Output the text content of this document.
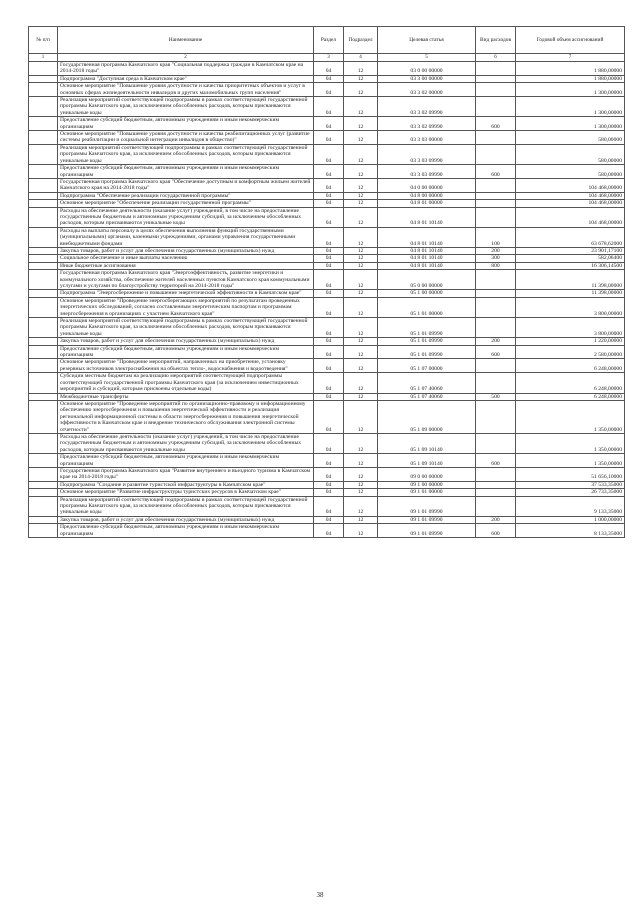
№ п/п	Наименование	Раздел	Подраздел	Целевая статья	Вид расходов	Годовой объем ассигнований
1	2	3	4	5	6	7
	Государственная программа Камчатского края "Социальная поддержка граждан в Камчатском крае на 2014-2018 годы"	04	12	03 0 00 00000		1 880,00000
	Подпрограмма "Доступная среда в Камчатском крае"	04	12	03 3 00 00000		1 880,00000
	Основное мероприятие "Повышение уровня доступности и качества приоритетных объектов и услуг в основных сферах жизнедеятельности инвалидов и других маломобильных групп населения"	04	12	03 3 02 00000		1 300,00000
	Реализация мероприятий соответствующей подпрограммы в рамках соответствующей государственной программы Камчатского края, за исключением обособленных расходов, которым присваиваются уникальные коды	04	12	03 3 02 09990		1 300,00000
	Предоставление субсидий бюджетным, автономным учреждениям и иным некоммерческим организациям	04	12	03 3 02 09990	600	1 300,00000
	Основное мероприятие "Повышение уровня доступности и качества реабилитационных услуг (развитие системы реабилитации и социальной интеграции инвалидов в общество)"	04	12	03 3 03 00000		580,00000
	Реализация мероприятий соответствующей подпрограммы в рамках соответствующей государственной программы Камчатского края, за исключением обособленных расходов, которым присваиваются уникальные коды	04	12	03 3 03 09990		580,00000
	Предоставление субсидий бюджетным, автономным учреждениям и иным некоммерческим организациям	04	12	03 3 03 09990	600	580,00000
	Государственная программа Камчатского края "Обеспечение доступным и комфортным жильем жителей Камчатского края на 2014-2018 годы"	04	12	04 0 00 00000		104 468,00000
	Подпрограмма "Обеспечение реализации государственной программы"	04	12	04 8 00 00000		104 468,00000
	Основное мероприятие "Обеспечение реализации государственной программы"	04	12	04 8 01 00000		104 468,00000
	Расходы на обеспечение деятельности (оказание услуг) учреждений, в том числе на предоставление государственным бюджетным и автономным учреждениям субсидий, за исключением обособленных расходов, которым присваиваются уникальные коды	04	12	04 8 01 10140		104 468,00000
	Расходы на выплаты персоналу в целях обеспечения выполнения функций государственными (муниципальными) органами, казенными учреждениями, органами управления государственными внебюджетными фондами	04	12	04 8 01 10140	100	63 678,62000
	Закупка товаров, работ и услуг для обеспечения государственных (муниципальных) нужд	04	12	04 8 01 10140	200	23 901,17100
	Социальное обеспечение и иные выплаты населению	04	12	04 8 01 10140	300	582,06400
	Иные бюджетные ассигнования	04	12	04 8 01 10140	800	16 306,14500
	Государственная программа Камчатского края "Энергоэффективность, развитие энергетики и коммунального хозяйства, обеспечение жителей населенных пунктов Камчатского края коммунальными услугами и услугами по благоустройству территорий на 2014-2018 годы"	04	12	05 0 00 00000		11 398,00000
	Подпрограмма "Энергосбережение и повышение энергетической эффективности в Камчатском крае"	04	12	05 1 00 00000		11 398,00000
	Основное мероприятие "Проведение энергосберегающих мероприятий по результатам проведенных энергетических обследований, согласно составленным энергетическим паспортам и программам энергосбережения в организациях с участием Камчатского края"	04	12	05 1 01 00000		3 800,00000
	Реализация мероприятий соответствующей подпрограммы в рамках соответствующей государственной программы Камчатского края, за исключением обособленных расходов, которым присваиваются уникальные коды	04	12	05 1 01 09990		3 800,00000
	Закупка товаров, работ и услуг для обеспечения государственных (муниципальных) нужд	04	12	05 1 01 09990	200	1 220,00000
	Предоставление субсидий бюджетным, автономным учреждениям и иным некоммерческим организациям	04	12	05 1 01 09990	600	2 580,00000
	Основное мероприятие "Проведение мероприятий, направленных на приобретение, установку резервных источников электроснабжения на объектах тепло-, водоснабжения и водоотведения"	04	12	05 1 07 00000		6 248,00000
	Субсидии местным бюджетам на реализацию мероприятий соответствующей подпрограммы соответствующей государственной программы Камчатского края (за исключением инвестиционных мероприятий и субсидий, которым присвоены отдельные коды)	04	12	05 1 07 40060		6 248,00000
	Межбюджетные трансферты	04	12	05 1 07 40060	500	6 248,00000
	Основное мероприятие "Проведение мероприятий по организационно-правовому и информационному обеспечению энергосбережения и повышения энергетической эффективности и реализация региональной информационной системы в области энергосбережения и повышения энергетической эффективности в Камчатском крае и внедрение технического обслуживания электронной системы отчетности"	04	12	05 1 09 00000		1 350,00000
	Расходы на обеспечение деятельности (оказание услуг) учреждений, в том числе на предоставление государственным бюджетным и автономным учреждениям субсидий, за исключением обособленных расходов, которым присваиваются уникальные коды	04	12	05 1 09 10140		1 350,00000
	Предоставление субсидий бюджетным, автономным учреждениям и иным некоммерческим организациям	04	12	05 1 09 10140	600	1 350,00000
	Государственная программа Камчатского края "Развитие внутреннего и въездного туризма в Камчатском крае на 2014-2018 годы"	04	12	09 0 00 00000		51 656,10000
	Подпрограмма "Создание и развитие туристской инфраструктуры в Камчатском крае"	04	12	09 1 00 00000		37 533,35000
	Основное мероприятие "Развитие инфраструктуры туристских ресурсов в Камчатском крае"	04	12	09 1 01 00000		26 733,35000
	Реализация мероприятий соответствующей подпрограммы в рамках соответствующей государственной программы Камчатского края, за исключением обособленных расходов, которым присваиваются уникальные коды	04	12	09 1 01 09990		9 133,35000
	Закупка товаров, работ и услуг для обеспечения государственных (муниципальных) нужд	04	12	09 1 01 09990	200	1 000,00000
	Предоставление субсидий бюджетным, автономным учреждениям и иным некоммерческим организациям	04	12	09 1 01 09990	600	8 133,35000
38
